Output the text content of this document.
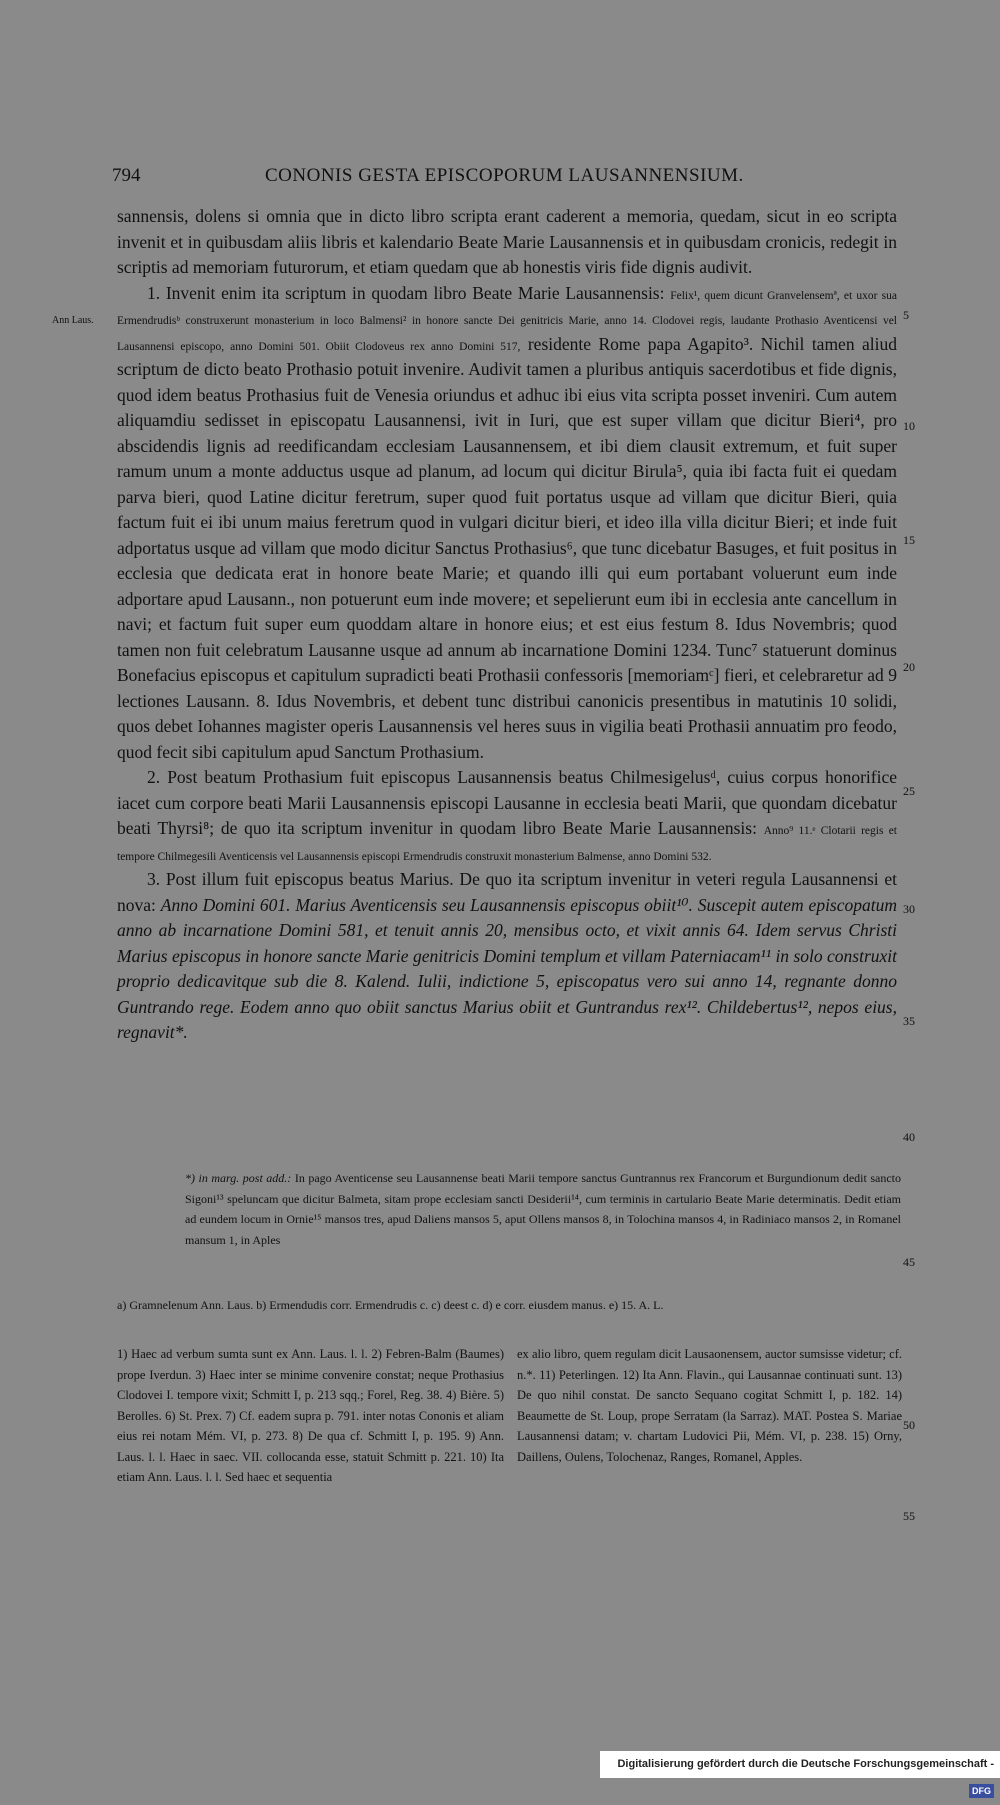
794	CONONIS GESTA EPISCOPORUM LAUSANNENSIUM.
Ann Laus.

sannensis, dolens si omnia que in dicto libro scripta erant caderent a memoria, quedam, sicut in eo scripta invenit et in quibusdam aliis libris et kalendario Beate Marie Lausannensis et in quibusdam cronicis, redegit in scriptis ad memoriam futurorum, et etiam quedam que ab honestis viris fide dignis audivit.

1. Invenit enim ita scriptum in quodam libro Beate Marie Lausannensis: Felix¹, quem dicunt Granvelensemª, et uxor sua Ermendrudisᵇ construxerunt monasterium in loco Balmensi² in honore sancte Dei genitricis Marie, anno 14. Clodovei regis, laudante Prothasio Aventicensi vel Lausannensi episcopo, anno Domini 501. Obiit Clodoveus rex anno Domini 517, residente Rome papa Agapito³. Nichil tamen aliud scriptum de dicto beato Prothasio potuit invenire. Audivit tamen a pluribus antiquis sacerdotibus et fide dignis, quod idem beatus Prothasius fuit de Venesia oriundus et adhuc ibi eius vita scripta posset inveniri. Cum autem aliquamdiu sedisset in episcopatu Lausannensi, ivit in Iuri, que est super villam que dicitur Bieri⁴, pro abscidendis lignis ad reedificandam ecclesiam Lausannensem, et ibi diem clausit extremum, et fuit super ramum unum a monte adductus usque ad planum, ad locum qui dicitur Birula⁵, quia ibi facta fuit ei quedam parva bieri, quod Latine dicitur feretrum, super quod fuit portatus usque ad villam que dicitur Bieri, quia factum fuit ei ibi unum maius feretrum quod in vulgari dicitur bieri, et ideo illa villa dicitur Bieri; et inde fuit adportatus usque ad villam que modo dicitur Sanctus Prothasius⁶, que tunc dicebatur Basuges, et fuit positus in ecclesia que dedicata erat in honore beate Marie; et quando illi qui eum portabant voluerunt eum inde adportare apud Lausann., non potuerunt eum inde movere; et sepelierunt eum ibi in ecclesia ante cancellum in navi; et factum fuit super eum quoddam altare in honore eius; et est eius festum 8. Idus Novembris; quod tamen non fuit celebratum Lausanne usque ad annum ab incarnatione Domini 1234. Tunc⁷ statuerunt dominus Bonefacius episcopus et capitulum supradicti beati Prothasii confessoris [memoriamᶜ] fieri, et celebraretur ad 9 lectiones Lausann. 8. Idus Novembris, et debent tunc distribui canonicis presentibus in matutinis 10 solidi, quos debet Iohannes magister operis Lausannensis vel heres suus in vigilia beati Prothasii annuatim pro feodo, quod fecit sibi capitulum apud Sanctum Prothasium.

2. Post beatum Prothasium fuit episcopus Lausannensis beatus Chilmesigelusᵈ, cuius corpus honorifice iacet cum corpore beati Marii Lausannensis episcopi Lausanne in ecclesia beati Marii, que quondam dicebatur beati Thyrsi⁸; de quo ita scriptum invenitur in quodam libro Beate Marie Lausannensis: Anno⁹ 11.ᵉ Clotarii regis et tempore Chilmegesili Aventicensis vel Lausannensis episcopi Ermendrudis construxit monasterium Balmense, anno Domini 532.

3. Post illum fuit episcopus beatus Marius. De quo ita scriptum invenitur in veteri regula Lausannensi et nova: Anno Domini 601. Marius Aventicensis seu Lausannensis episcopus obiit¹⁰. Suscepit autem episcopatum anno ab incarnatione Domini 581, et tenuit annis 20, mensibus octo, et vixit annis 64. Idem servus Christi Marius episcopus in honore sancte Marie genitricis Domini templum et villam Paterniacam¹¹ in solo construxit proprio dedicavitque sub die 8. Kalend. Iulii, indictione 5, episcopatus vero sui anno 14, regnante donno Guntrando rege. Eodem anno quo obiit sanctus Marius obiit et Guntrandus rex¹². Childebertus¹², nepos eius, regnavit*.

5
10
15
20
25
30
35
40
45
50
55
*) in marg. post add.: In pago Aventicense seu Lausannense beati Marii tempore sanctus Guntrannus rex Francorum et Burgundionum dedit sancto Sigoni¹³ speluncam que dicitur Balmeta, sitam prope ecclesiam sancti Desiderii¹⁴, cum terminis in cartulario Beate Marie determinatis. Dedit etiam ad eundem locum in Ornie¹⁵ mansos tres, apud Daliens mansos 5, aput Ollens mansos 8, in Tolochina mansos 4, in Radiniaco mansos 2, in Romanel mansum 1, in Aples
a) Gramnelenum Ann. Laus. b) Ermendudis corr. Ermendrudis c. c) deest c. d) e corr. eiusdem manus. e) 15. A. L.
1) Haec ad verbum sumta sunt ex Ann. Laus. l. l. 2) Febren-Balm (Baumes) prope Iverdun. 3) Haec inter se minime convenire constat; neque Prothasius Clodovei I. tempore vixit; Schmitt I, p. 213 sqq.; Forel, Reg. 38. 4) Bière. 5) Berolles. 6) St. Prex. 7) Cf. eadem supra p. 791. inter notas Cononis et aliam eius rei notam Mém. VI, p. 273. 8) De qua cf. Schmitt I, p. 195. 9) Ann. Laus. l. l. Haec in saec. VII. collocanda esse, statuit Schmitt p. 221. 10) Ita etiam Ann. Laus. l. l. Sed haec et sequentia
ex alio libro, quem regulam dicit Lausaonensem, auctor sumsisse videtur; cf. n.*. 11) Peterlingen. 12) Ita Ann. Flavin., qui Lausannae continuati sunt. 13) De quo nihil constat. De sancto Sequano cogitat Schmitt I, p. 182. 14) Beaumette de St. Loup, prope Serratam (la Sarraz). MAT. Postea S. Mariae Lausannensi datam; v. chartam Ludovici Pii, Mém. VI, p. 238. 15) Orny, Daillens, Oulens, Tolochenaz, Ranges, Romanel, Apples.
Digitalisierung gefördert durch die Deutsche Forschungsgemeinschaft - DFG
